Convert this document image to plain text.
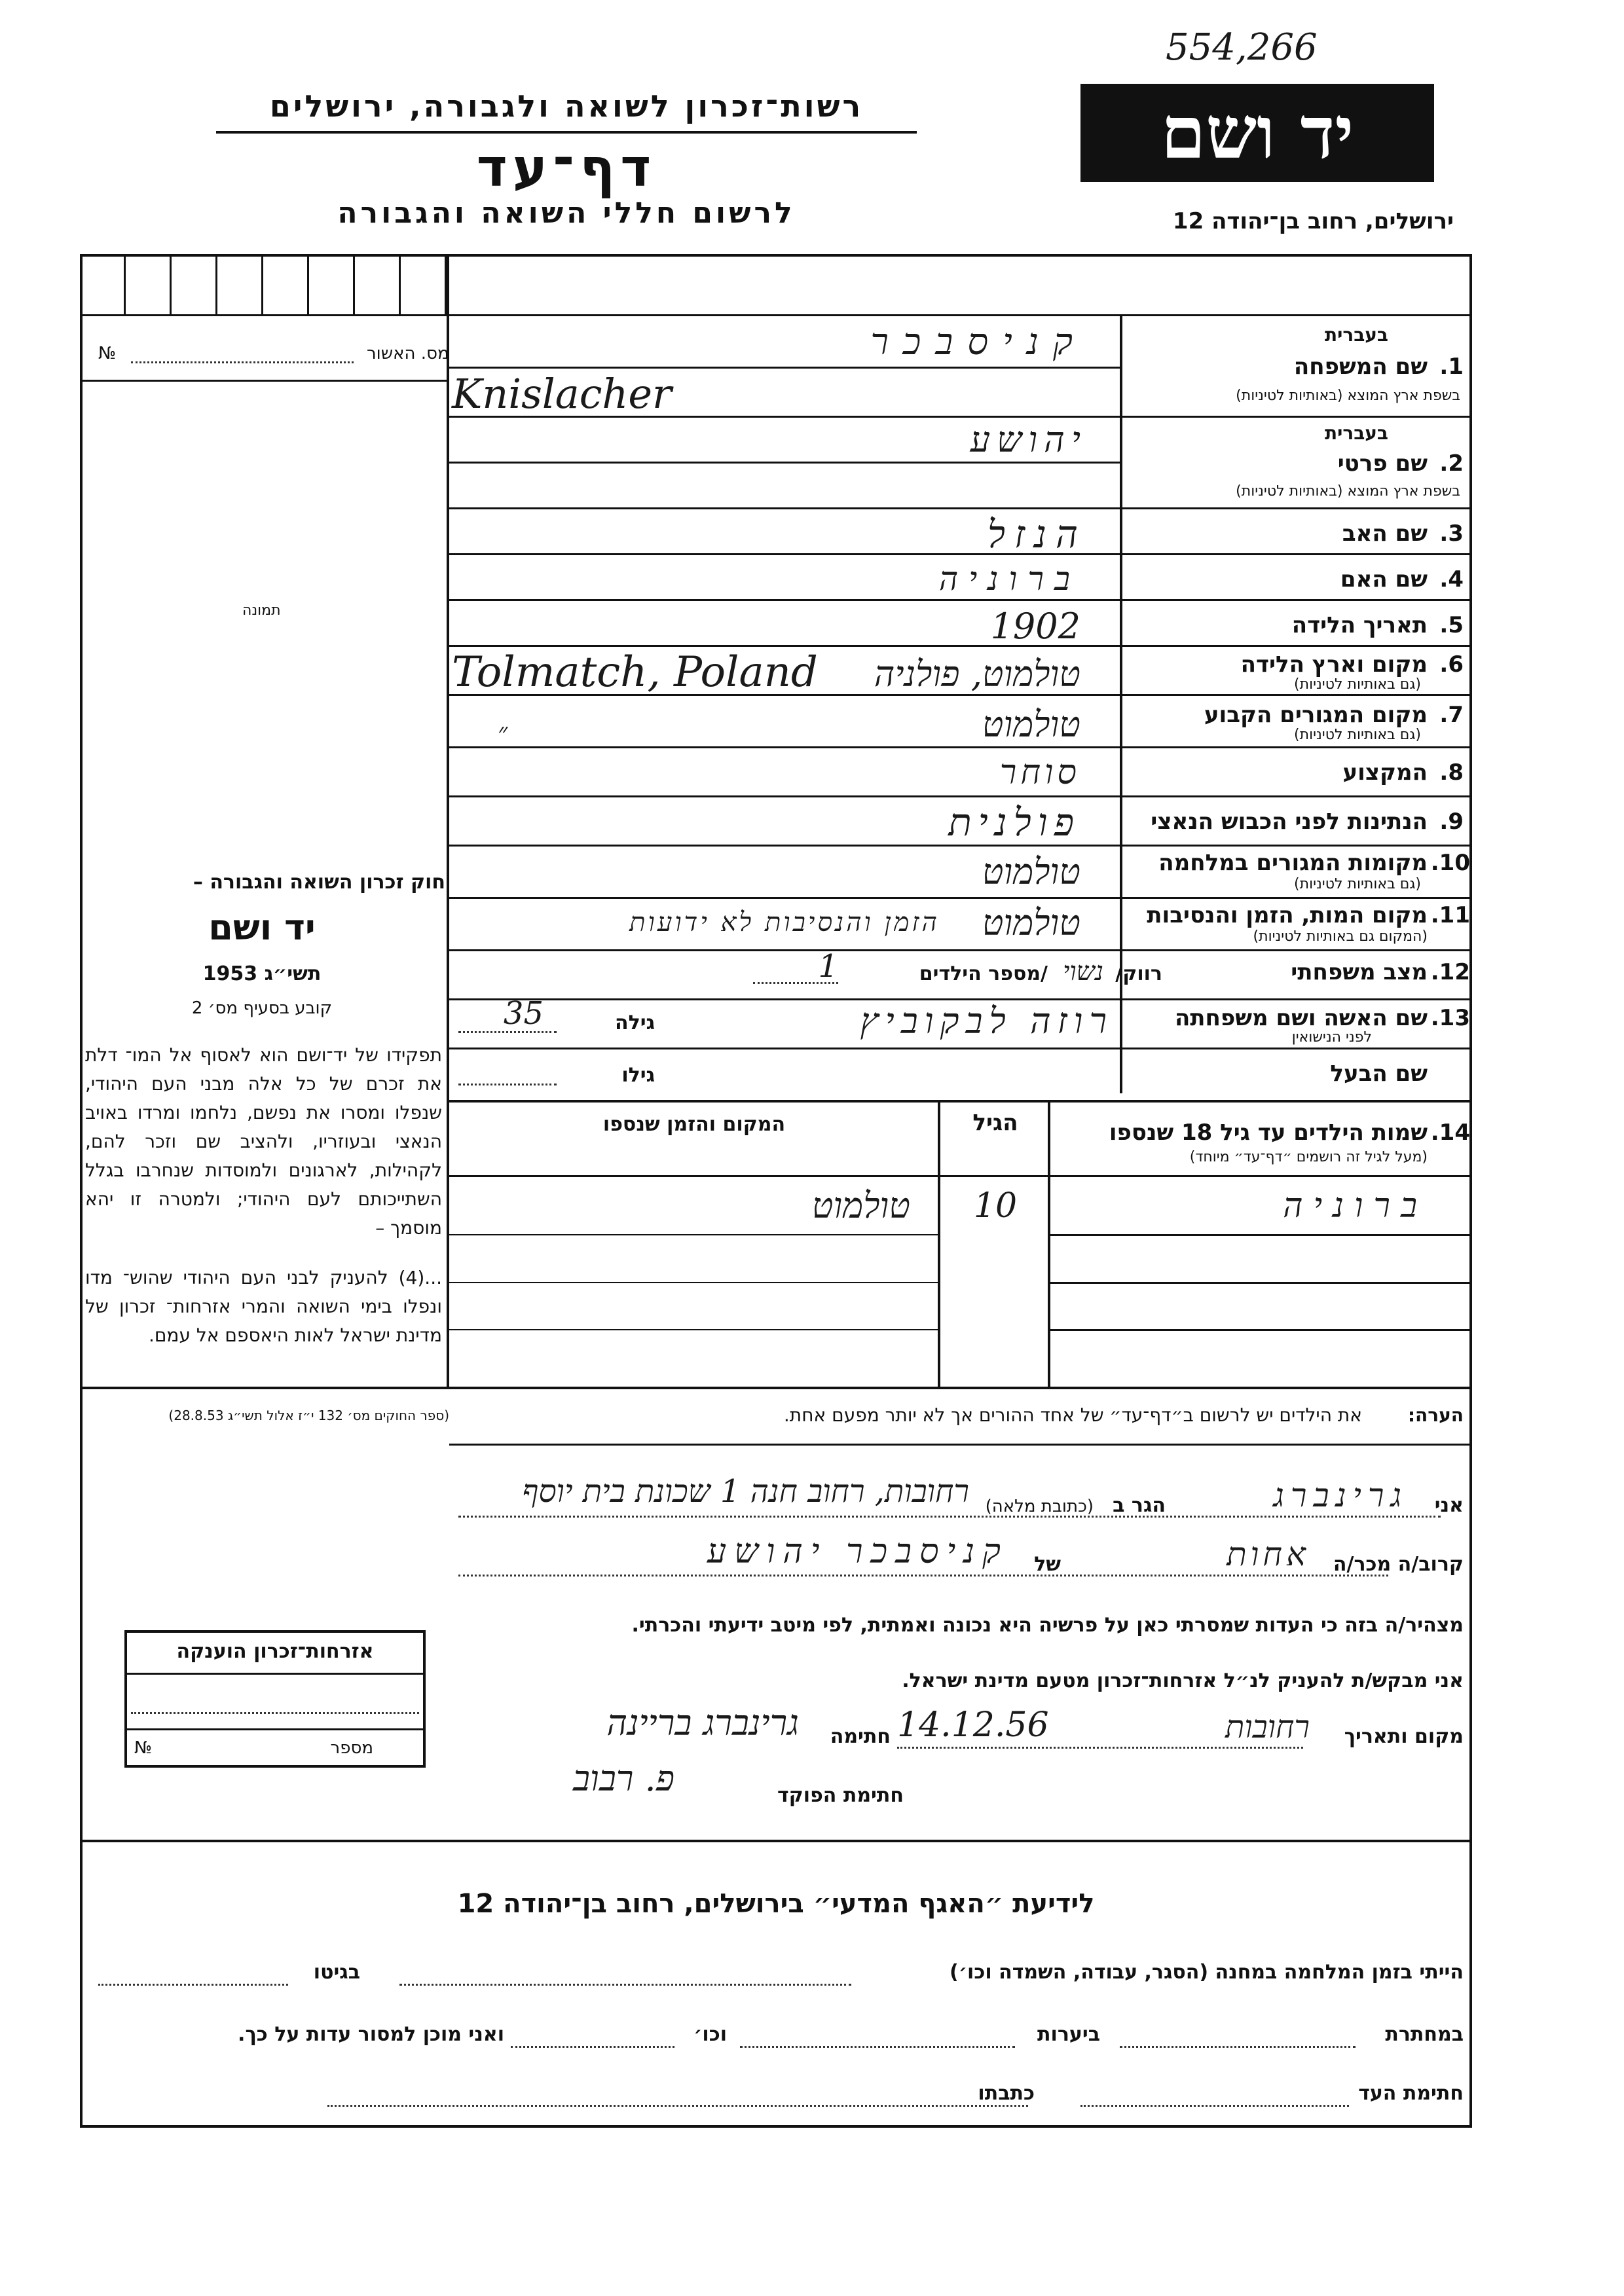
554,266
יד ושם
ירושלים, רחוב בן־יהודה 12
רשות־זכרון לשואה ולגבורה, ירושלים
דף־עד
לרשום חללי השואה והגבורה
מס. האשור
№
תמונה
חוק זכרון השואה והגבורה –
יד ושם
תשי״ג 1953
קובע בסעיף מס׳ 2
תפקידו של יד־ושם הוא לאסוף אל המו־ דלת את זכרם של כל אלה מבני העם היהודי, שנפלו ומסרו את נפשם, נלחמו ומרדו באויב הנאצי ובעוזריו, ולהציב שם וזכר להם, לקהילות, לארגונים ולמוסדות שנחרבו בגלל השתייכותם לעם היהודי; ולמטרה זו יהא מוסמך –
...(4) להעניק לבני העם היהודי שהוש־ מדו ונפלו בימי השואה והמרי אזרחות־ זכרון של מדינת ישראל לאות היאספם אל עמם.
(ספר החוקים מס׳ 132 י״ז אלול תשי״ג 28.8.53)
בעברית
שם המשפחה 1.
בשפת ארץ המוצא (באותיות לטיניות)
קניסבכר
Knislacher
בעברית
שם פרטי 2.
בשפת ארץ המוצא (באותיות לטיניות)
יהושע
שם האב 3.
הנזל
שם האם 4.
ברוניה
תאריך הלידה 5.
1902
מקום וארץ הלידה 6.
(גם באותיות לטיניות)
טולמוט, פולניה
Tolmatch, Poland
מקום המגורים הקבוע 7.
(גם באותיות לטיניות)
טולמוט
״
המקצוע 8.
סוחר
הנתינות לפני הכבוש הנאצי 9.
פולנית
מקומות המגורים במלחמה 10.
(גם באותיות לטיניות)
טולמוט
מקום המות, הזמן והנסיבות 11.
(המקום גם באותיות לטיניות)
טולמוט
הזמן והנסיבות לא ידועות
מצב משפחתי 12.
רווק/
נשוי
/מספר הילדים
1
שם האשה ושם משפחתה 13.
לפני הנישואין
רוזה לבקוביץ
גילה
35
שם הבעל
גילו
שמות הילדים עד גיל 18 שנספו 14.
(מעל לגיל זה רושמים ״דף־עד״ מיוחד)
הגיל
המקום והזמן שנספו
ברוניה
10
טולמוט
הערה:
את הילדים יש לרשום ב״דף־עד״ של אחד ההורים אך לא יותר מפעם אחת.
אני
גרינברג
הגר ב
(כתובת מלאה)
רחובות, רחוב חנה 1 שכונת בית יוסף
קרוב/ה מכר/ה
אחות
של
קניסבכר יהושע
מצהיר/ה בזה כי העדות שמסרתי כאן על פרשיה היא נכונה ואמתית, לפי מיטב ידיעתי והכרתי.
אני מבקש/ת להעניק לנ״ל אזרחות־זכרון מטעם מדינת ישראל.
מקום ותאריך
רחובות
14.12.56
חתימה
גרינברג בריינה
חתימת הפוקד
פ. רבוב
אזרחות־זכרון הוענקה
מספר
№
לידיעת ״האגף המדעי״ בירושלים, רחוב בן־יהודה 12
הייתי בזמן המלחמה במחנה (הסגר, עבודה, השמדה וכו׳)
בגיטו
במחתרת
ביערות
וכו׳
ואני מוכן למסור עדות על כך.
חתימת העד
כתבתו
